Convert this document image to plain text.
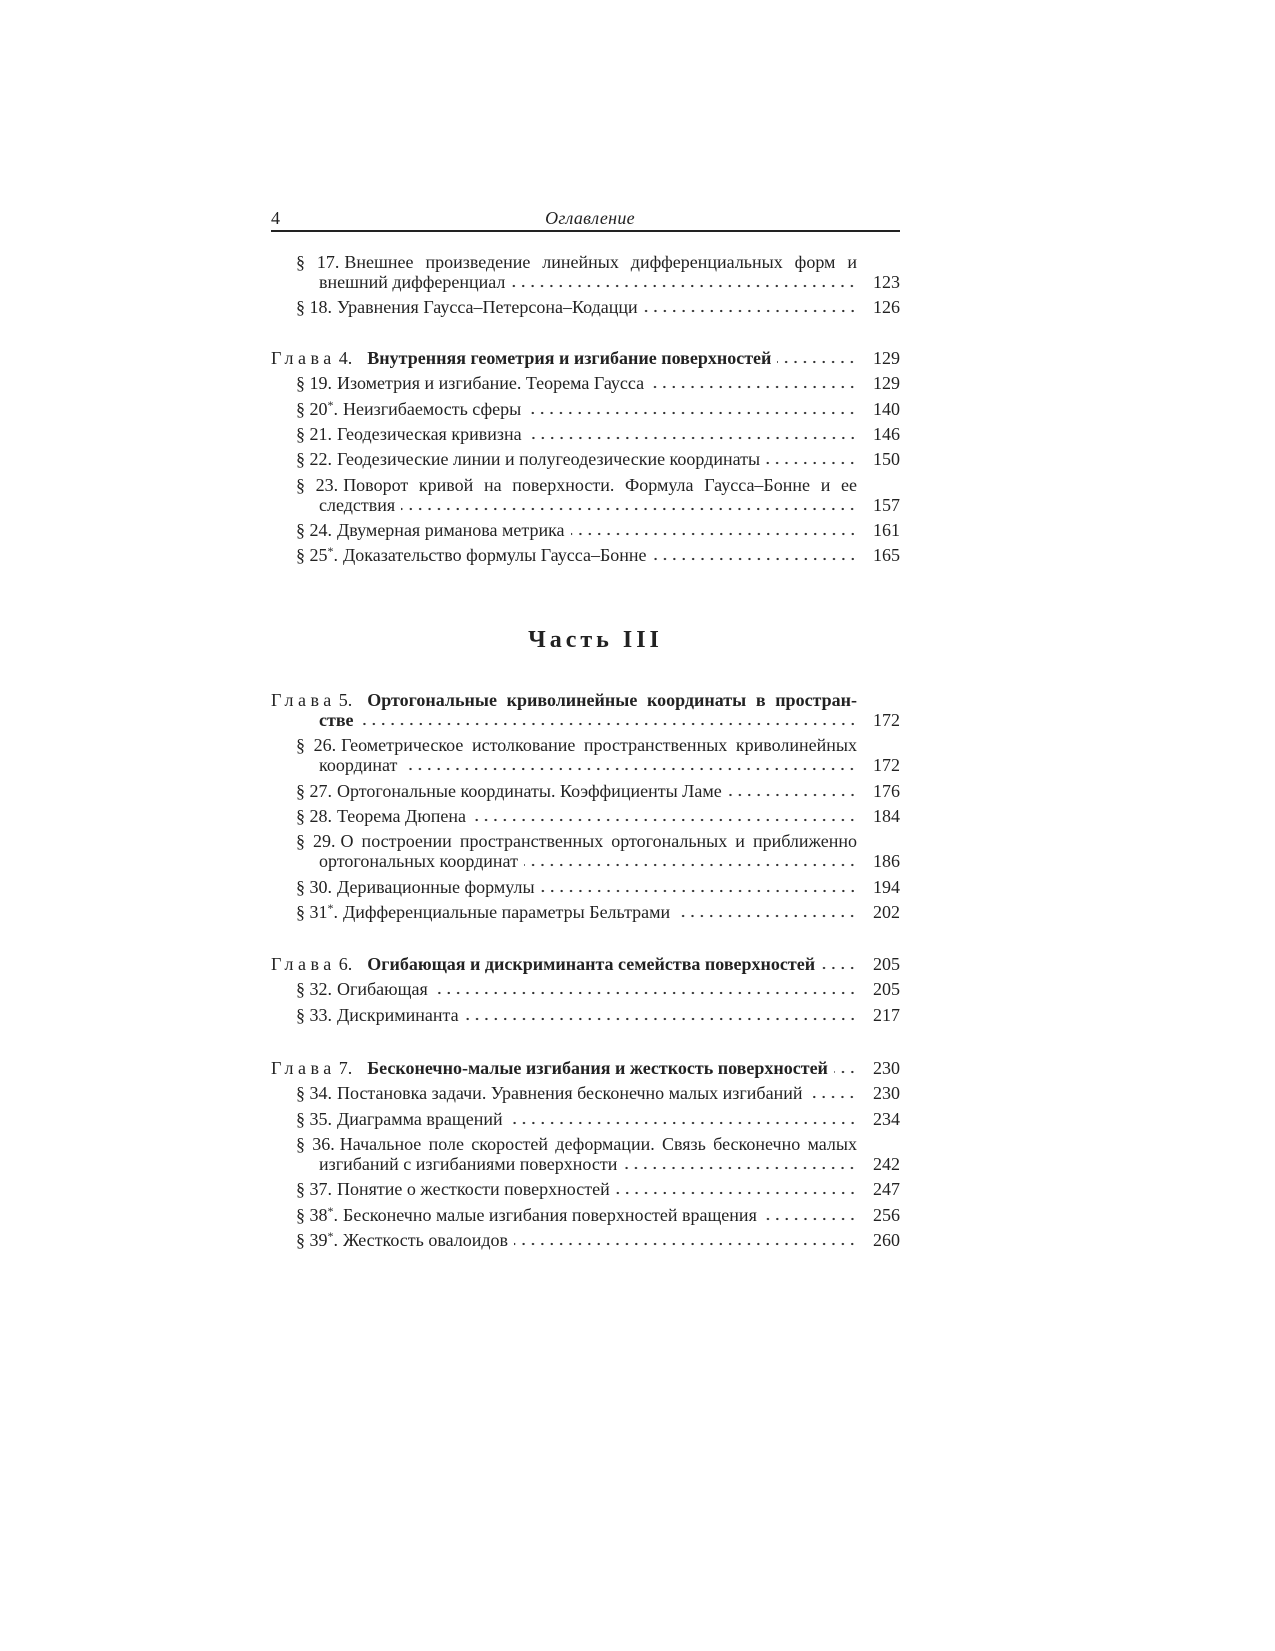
4	Оглавление
§ 17. Внешнее произведение линейных дифференциальных форм и
внешний дифференциал	123
§ 18. Уравнения Гаусса–Петерсона–Кодацци	126
Глава 4. Внутренняя геометрия и изгибание поверхностей	129
§ 19. Изометрия и изгибание. Теорема Гаусса	129
§ 20*. Неизгибаемость сферы	140
§ 21. Геодезическая кривизна	146
§ 22. Геодезические линии и полугеодезические координаты	150
§ 23. Поворот кривой на поверхности. Формула Гаусса–Бонне и ее
следствия	157
§ 24. Двумерная риманова метрика	161
§ 25*. Доказательство формулы Гаусса–Бонне	165
Часть III
Глава 5. Ортогональные криволинейные координаты в простран-
стве	172
§ 26. Геометрическое истолкование пространственных криволинейных
координат	172
§ 27. Ортогональные координаты. Коэффициенты Ламе	176
§ 28. Теорема Дюпена	184
§ 29. О построении пространственных ортогональных и приближенно
ортогональных координат	186
§ 30. Деривационные формулы	194
§ 31*. Дифференциальные параметры Бельтрами	202
Глава 6. Огибающая и дискриминанта семейства поверхностей	205
§ 32. Огибающая	205
§ 33. Дискриминанта	217
Глава 7. Бесконечно-малые изгибания и жесткость поверхностей	230
§ 34. Постановка задачи. Уравнения бесконечно малых изгибаний	230
§ 35. Диаграмма вращений	234
§ 36. Начальное поле скоростей деформации. Связь бесконечно малых
изгибаний с изгибаниями поверхности	242
§ 37. Понятие о жесткости поверхностей	247
§ 38*. Бесконечно малые изгибания поверхностей вращения	256
§ 39*. Жесткость овалоидов	260
